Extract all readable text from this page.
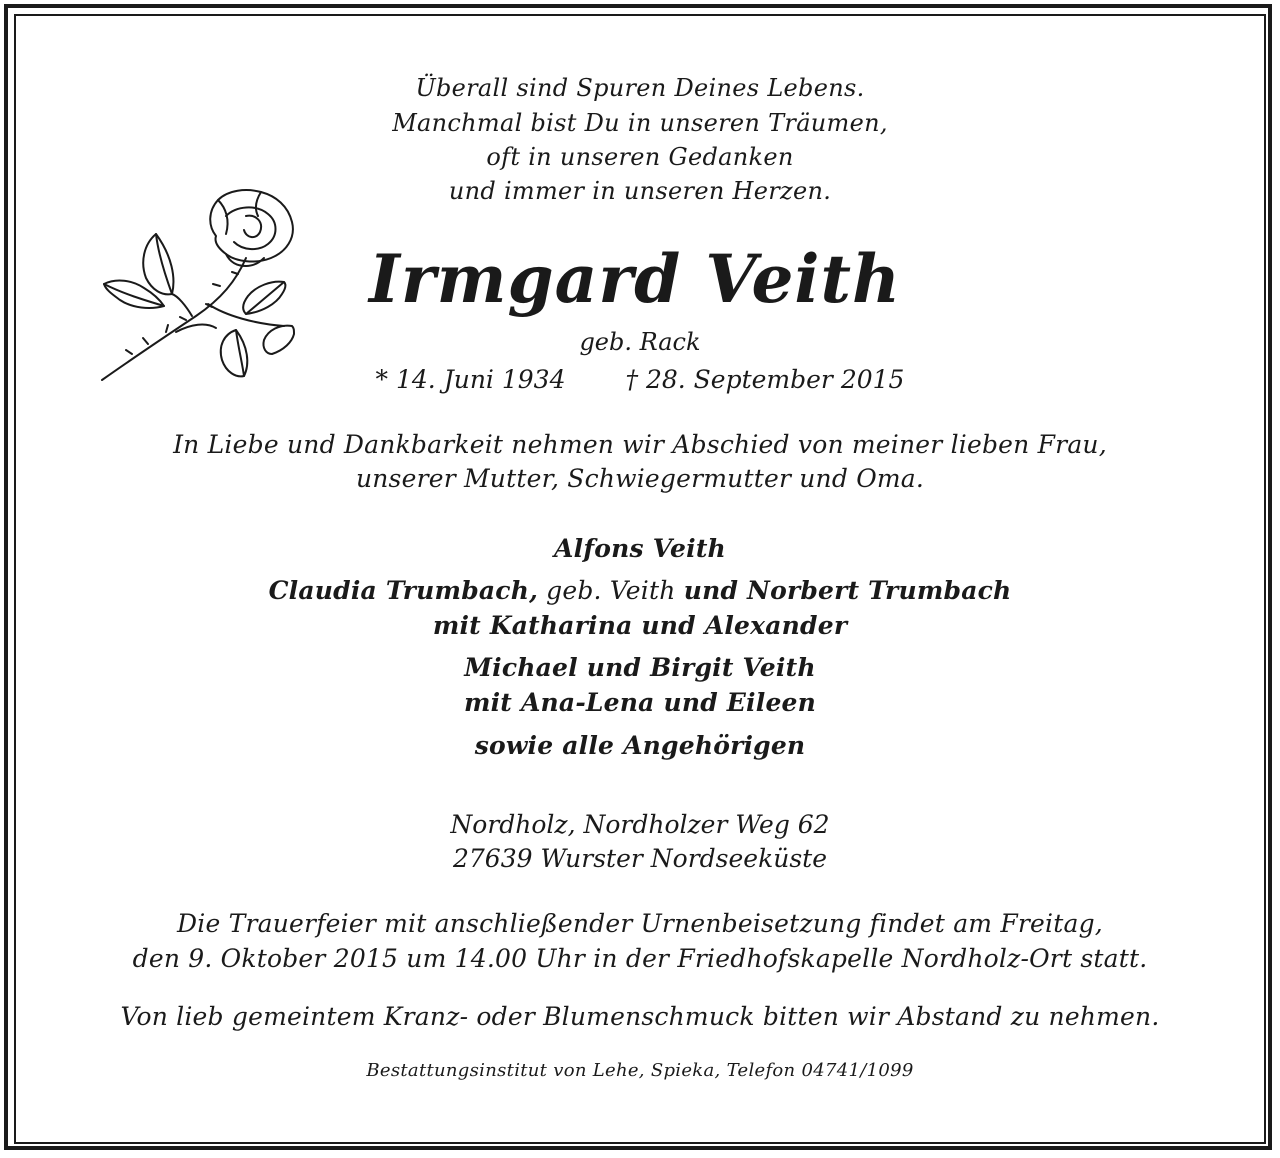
Überall sind Spuren Deines Lebens.
Manchmal bist Du in unseren Träumen,
oft in unseren Gedanken
und immer in unseren Herzen.
Irmgard Veith
geb. Rack
* 14. Juni 1934 † 28. September 2015
In Liebe und Dankbarkeit nehmen wir Abschied von meiner lieben Frau,
unserer Mutter, Schwiegermutter und Oma.
Alfons Veith
Claudia Trumbach, geb. Veith und Norbert Trumbach
mit Katharina und Alexander
Michael und Birgit Veith
mit Ana-Lena und Eileen
sowie alle Angehörigen
Nordholz, Nordholzer Weg 62
27639 Wurster Nordseeküste
Die Trauerfeier mit anschließender Urnenbeisetzung findet am Freitag,
den 9. Oktober 2015 um 14.00 Uhr in der Friedhofskapelle Nordholz-Ort statt.
Von lieb gemeintem Kranz- oder Blumenschmuck bitten wir Abstand zu nehmen.
Bestattungsinstitut von Lehe, Spieka, Telefon 04741/1099
